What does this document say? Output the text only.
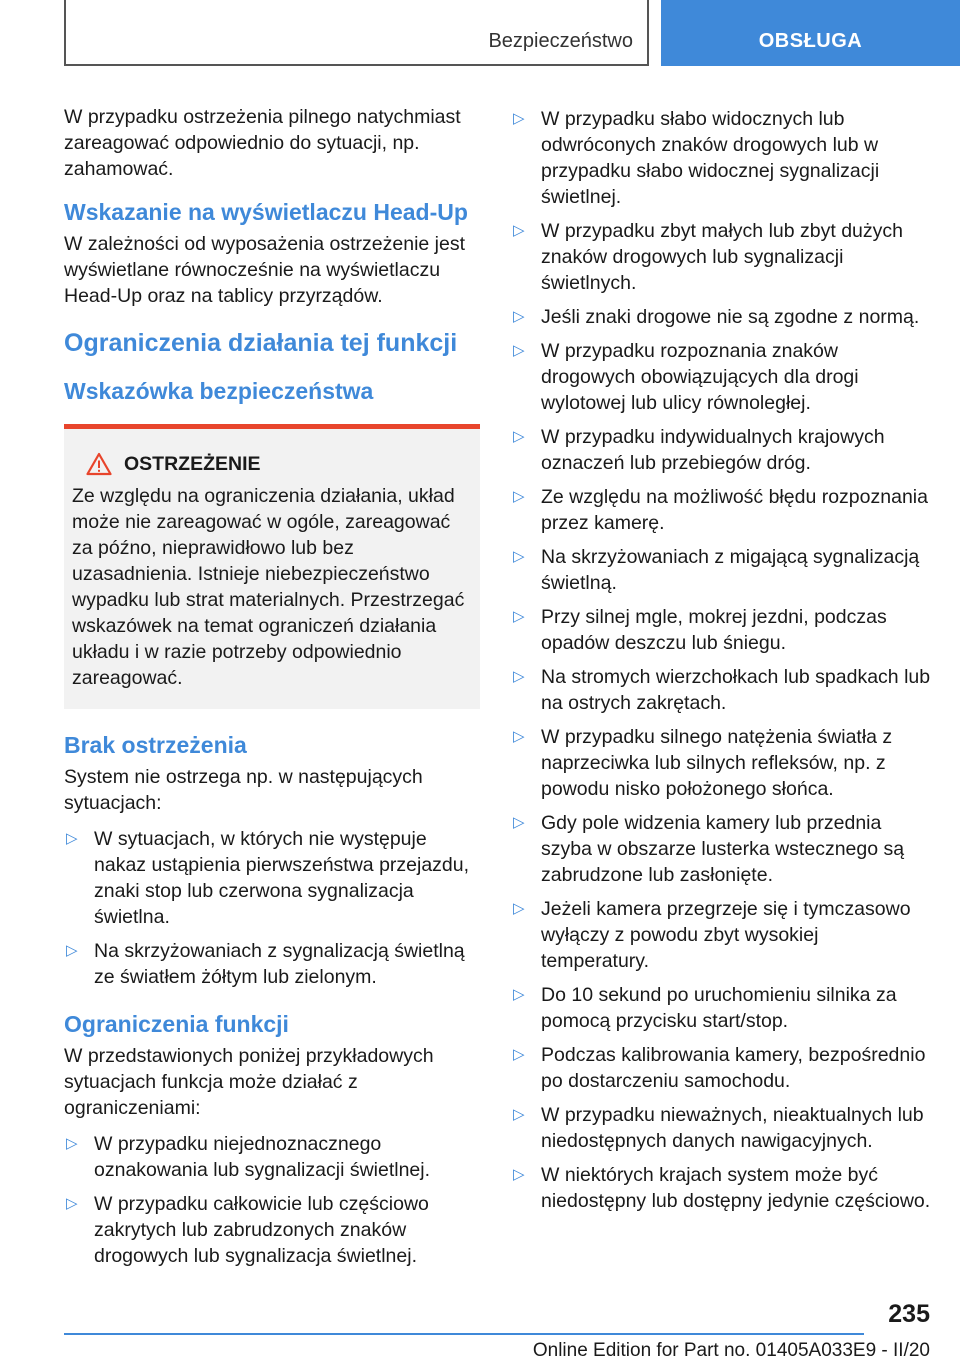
Bezpieczeństwo	OBSŁUGA

W przypadku ostrzeżenia pilnego natychmiast zareagować odpowiednio do sytuacji, np. zahamować.

Wskazanie na wyświetlaczu Head-Up

W zależności od wyposażenia ostrzeżenie jest wyświetlane równocześnie na wyświetlaczu Head-Up oraz na tablicy przyrządów.

Ograniczenia działania tej funkcji
Wskazówka bezpieczeństwa
OSTRZEŻENIE
Ze względu na ograniczenia działania, układ może nie zareagować w ogóle, zareagować za późno, nieprawidłowo lub bez uzasadnienia. Istnieje niebezpieczeństwo wypadku lub strat materialnych. Przestrzegać wskazówek na temat ograniczeń działania układu i w razie potrzeby odpowiednio zareagować.
Brak ostrzeżenia

System nie ostrzega np. w następujących sytuacjach:

▷ W sytuacjach, w których nie występuje nakaz ustąpienia pierwszeństwa przejazdu, znaki stop lub czerwona sygnalizacja świetlna.
▷ Na skrzyżowaniach z sygnalizacją świetlną ze światłem żółtym lub zielonym.
Ograniczenia funkcji

W przedstawionych poniżej przykładowych sytuacjach funkcja może działać z ograniczeniami:

▷ W przypadku niejednoznacznego oznakowania lub sygnalizacji świetlnej.
▷ W przypadku całkowicie lub częściowo zakrytych lub zabrudzonych znaków drogowych lub sygnalizacja świetlnej.
▷ W przypadku słabo widocznych lub odwróconych znaków drogowych lub w przypadku słabo widocznej sygnalizacji świetlnej.
▷ W przypadku zbyt małych lub zbyt dużych znaków drogowych lub sygnalizacji świetlnych.
▷ Jeśli znaki drogowe nie są zgodne z normą.
▷ W przypadku rozpoznania znaków drogowych obowiązujących dla drogi wylotowej lub ulicy równoległej.
▷ W przypadku indywidualnych krajowych oznaczeń lub przebiegów dróg.
▷ Ze względu na możliwość błędu rozpoznania przez kamerę.
▷ Na skrzyżowaniach z migającą sygnalizacją świetlną.
▷ Przy silnej mgle, mokrej jezdni, podczas opadów deszczu lub śniegu.
▷ Na stromych wierzchołkach lub spadkach lub na ostrych zakrętach.
▷ W przypadku silnego natężenia światła z naprzeciwka lub silnych refleksów, np. z powodu nisko położonego słońca.
▷ Gdy pole widzenia kamery lub przednia szyba w obszarze lusterka wstecznego są zabrudzone lub zasłonięte.
▷ Jeżeli kamera przegrzeje się i tymczasowo wyłączy z powodu zbyt wysokiej temperatury.
▷ Do 10 sekund po uruchomieniu silnika za pomocą przycisku start/stop.
▷ Podczas kalibrowania kamery, bezpośrednio po dostarczeniu samochodu.
▷ W przypadku nieważnych, nieaktualnych lub niedostępnych danych nawigacyjnych.
▷ W niektórych krajach system może być niedostępny lub dostępny jedynie częściowo.
235
Online Edition for Part no. 01405A033E9 - II/20
